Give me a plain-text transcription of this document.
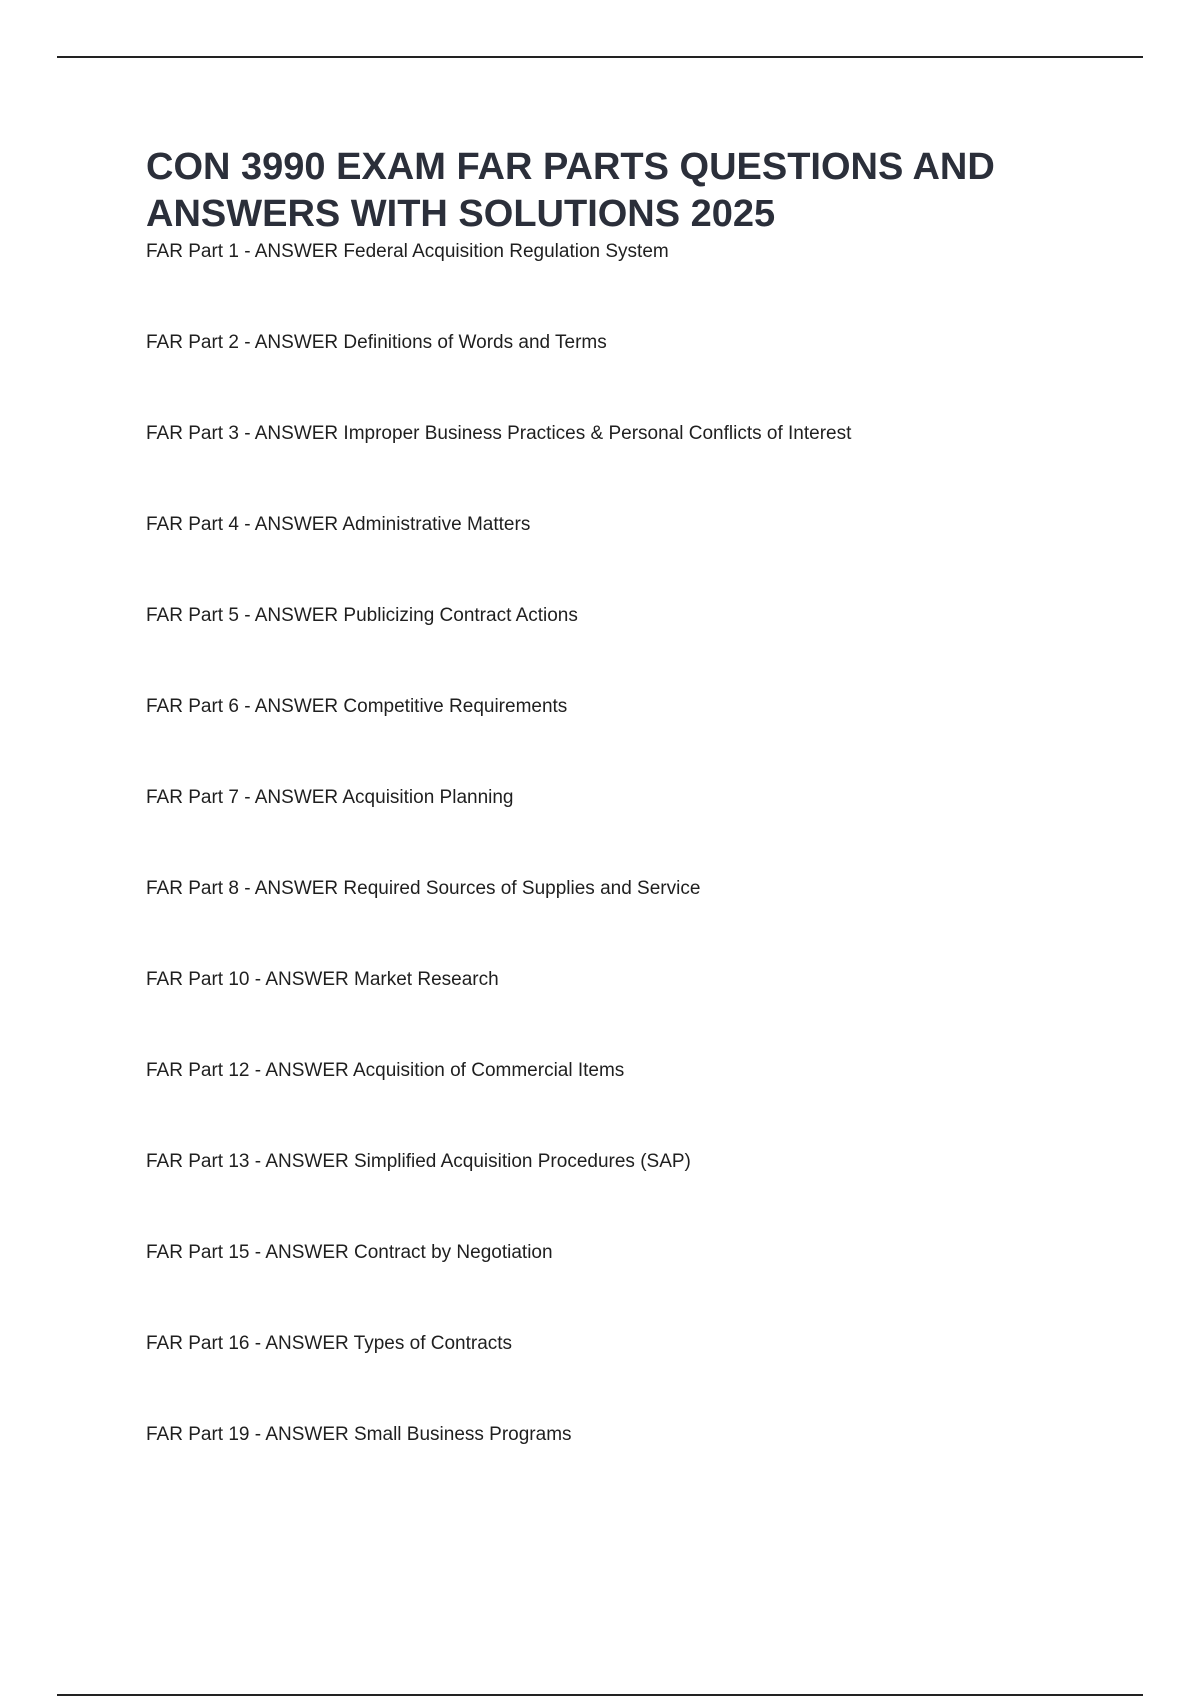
CON 3990 EXAM FAR PARTS QUESTIONS AND ANSWERS WITH SOLUTIONS 2025
FAR Part 1 - ANSWER Federal Acquisition Regulation System
FAR Part 2 - ANSWER Definitions of Words and Terms
FAR Part 3 - ANSWER Improper Business Practices & Personal Conflicts of Interest
FAR Part 4 - ANSWER Administrative Matters
FAR Part 5 - ANSWER Publicizing Contract Actions
FAR Part 6 - ANSWER Competitive Requirements
FAR Part 7 - ANSWER Acquisition Planning
FAR Part 8 - ANSWER Required Sources of Supplies and Service
FAR Part 10 - ANSWER Market Research
FAR Part 12 - ANSWER Acquisition of Commercial Items
FAR Part 13 - ANSWER Simplified Acquisition Procedures (SAP)
FAR Part 15 - ANSWER Contract by Negotiation
FAR Part 16 - ANSWER Types of Contracts
FAR Part 19 - ANSWER Small Business Programs
